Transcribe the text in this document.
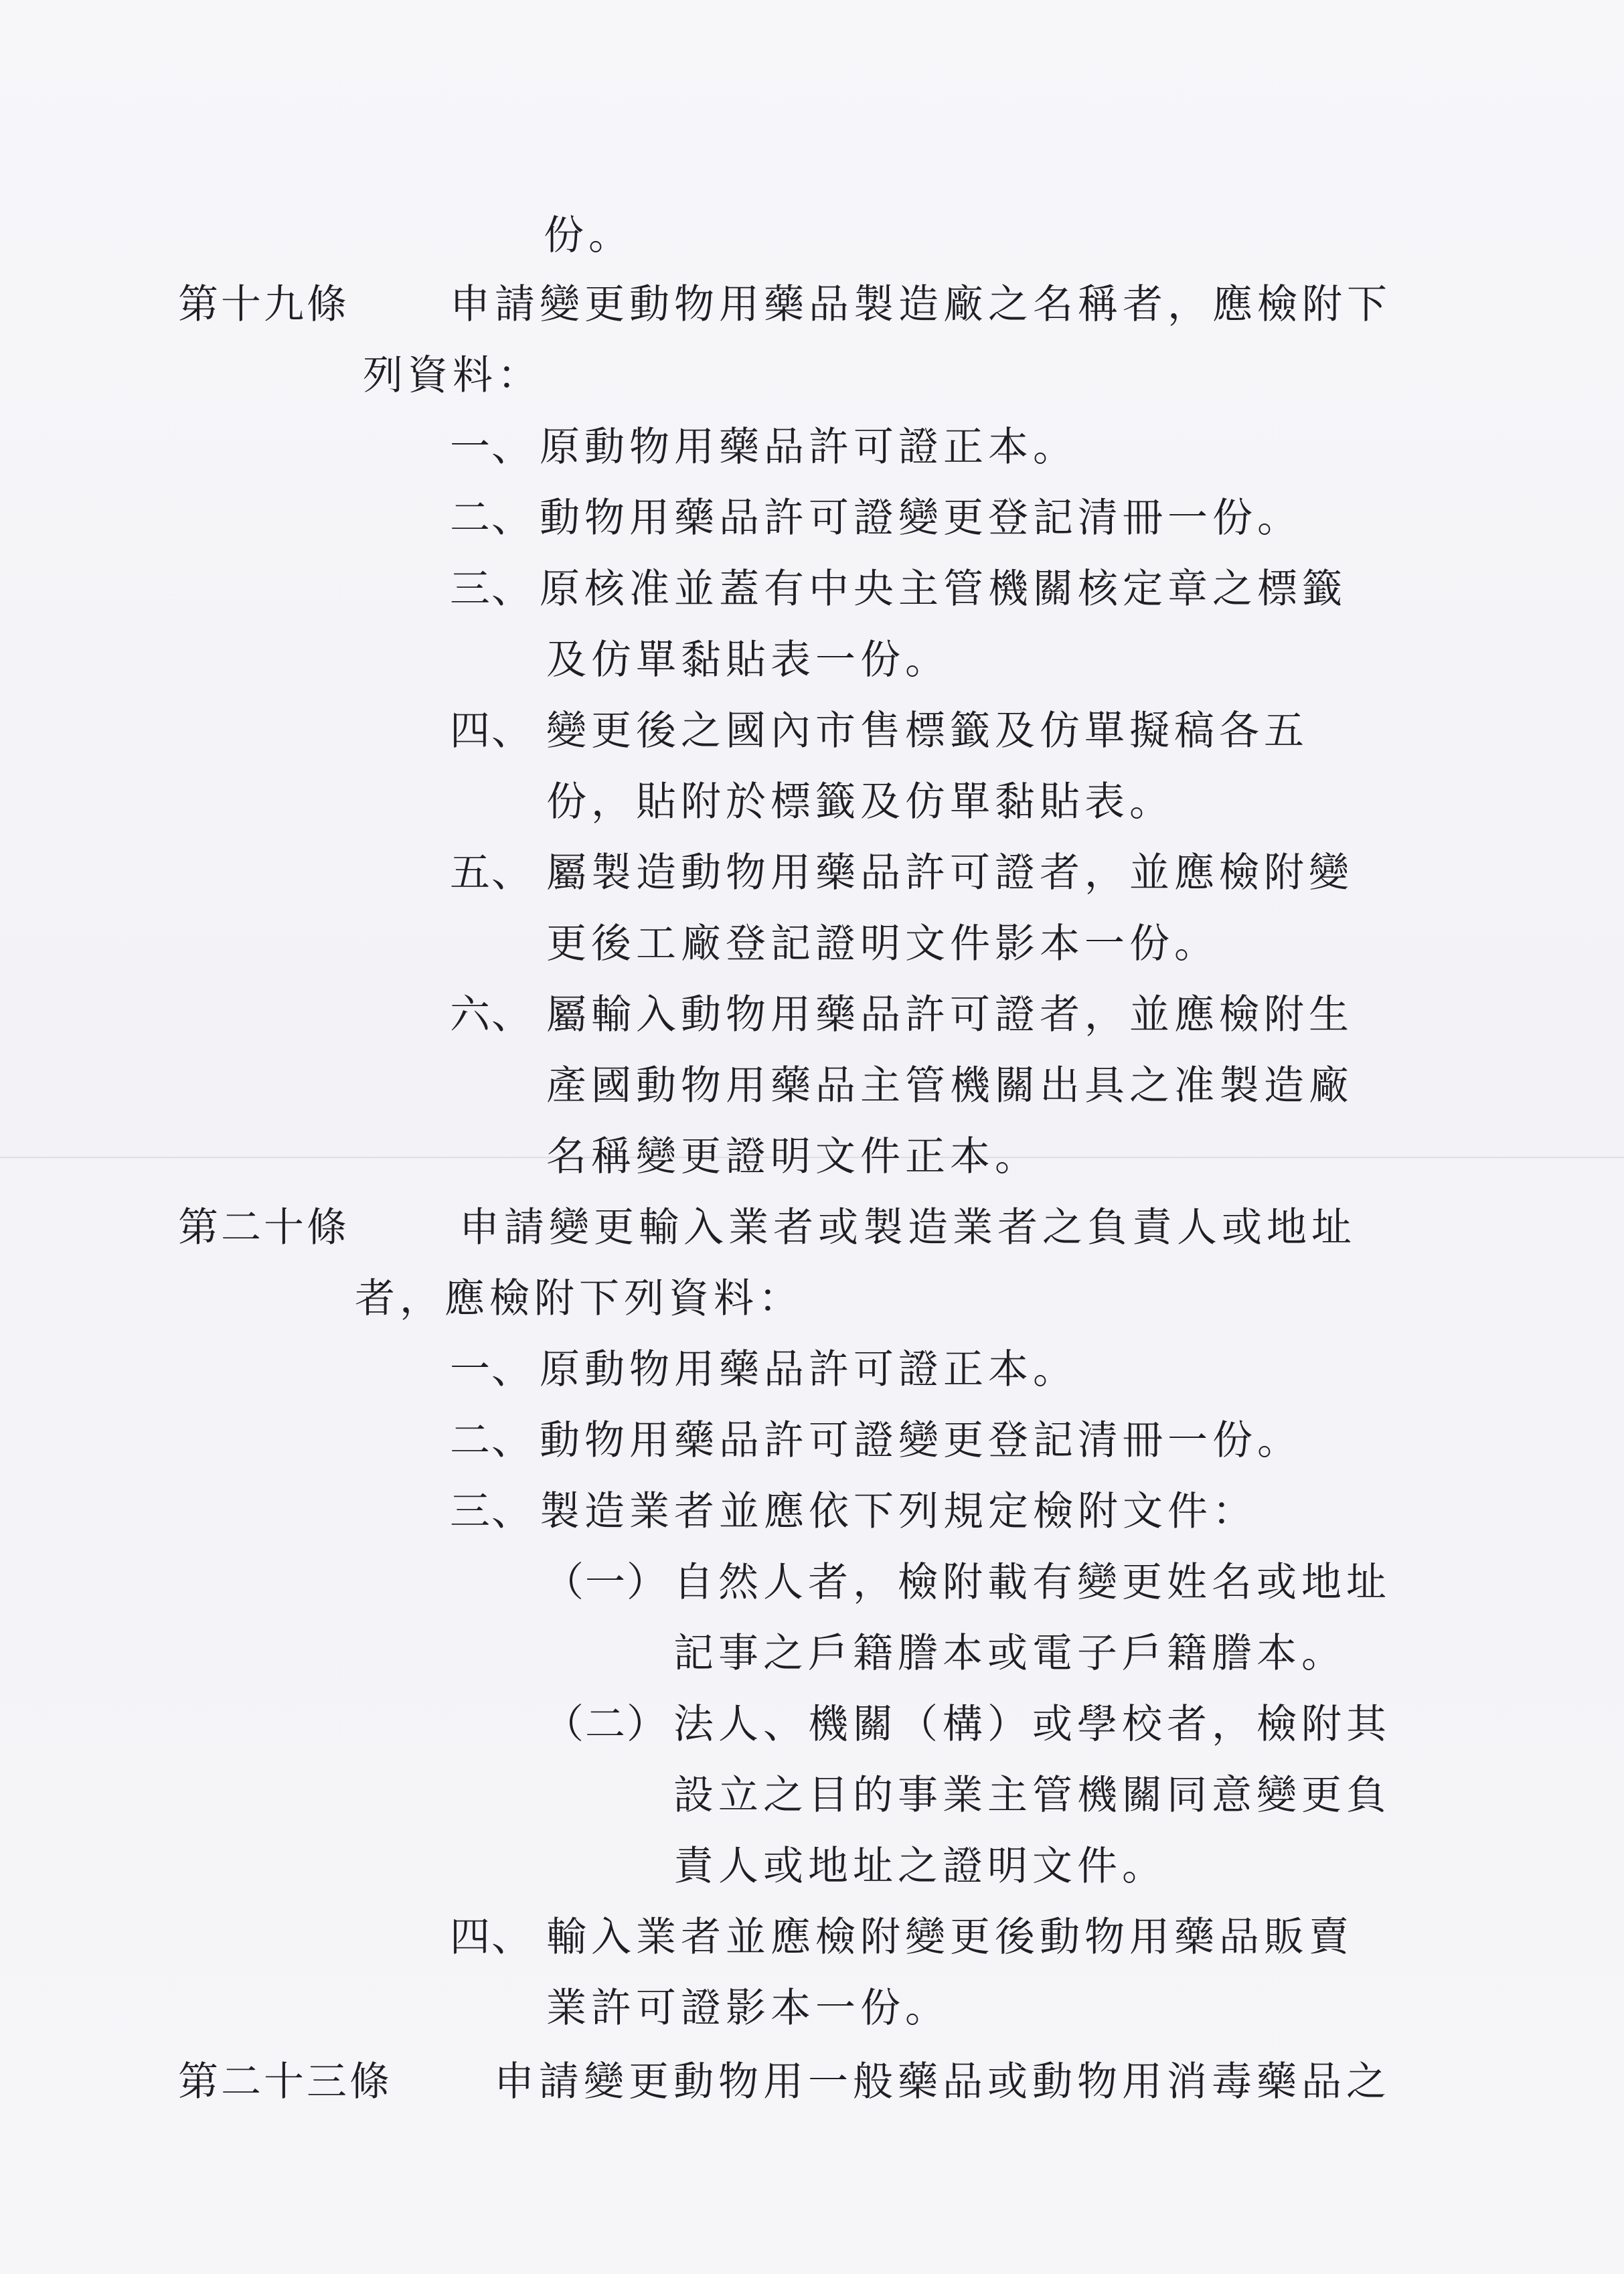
份。
第十九條	申請變更動物用藥品製造廠之名稱者，應檢附下
列資料：
一、 原動物用藥品許可證正本。
二、 動物用藥品許可證變更登記清冊一份。
三、 原核准並蓋有中央主管機關核定章之標籤
及仿單黏貼表一份。
四、 變更後之國內市售標籤及仿單擬稿各五
份，貼附於標籤及仿單黏貼表。
五、 屬製造動物用藥品許可證者，並應檢附變
更後工廠登記證明文件影本一份。
六、 屬輸入動物用藥品許可證者，並應檢附生
產國動物用藥品主管機關出具之准製造廠
名稱變更證明文件正本。
第二十條	申請變更輸入業者或製造業者之負責人或地址
者，應檢附下列資料：
一、 原動物用藥品許可證正本。
二、 動物用藥品許可證變更登記清冊一份。
三、 製造業者並應依下列規定檢附文件：
（一） 自然人者，檢附載有變更姓名或地址
記事之戶籍謄本或電子戶籍謄本。
（二） 法人、機關（構）或學校者，檢附其
設立之目的事業主管機關同意變更負
責人或地址之證明文件。
四、 輸入業者並應檢附變更後動物用藥品販賣
業許可證影本一份。
第二十三條	申請變更動物用一般藥品或動物用消毒藥品之
